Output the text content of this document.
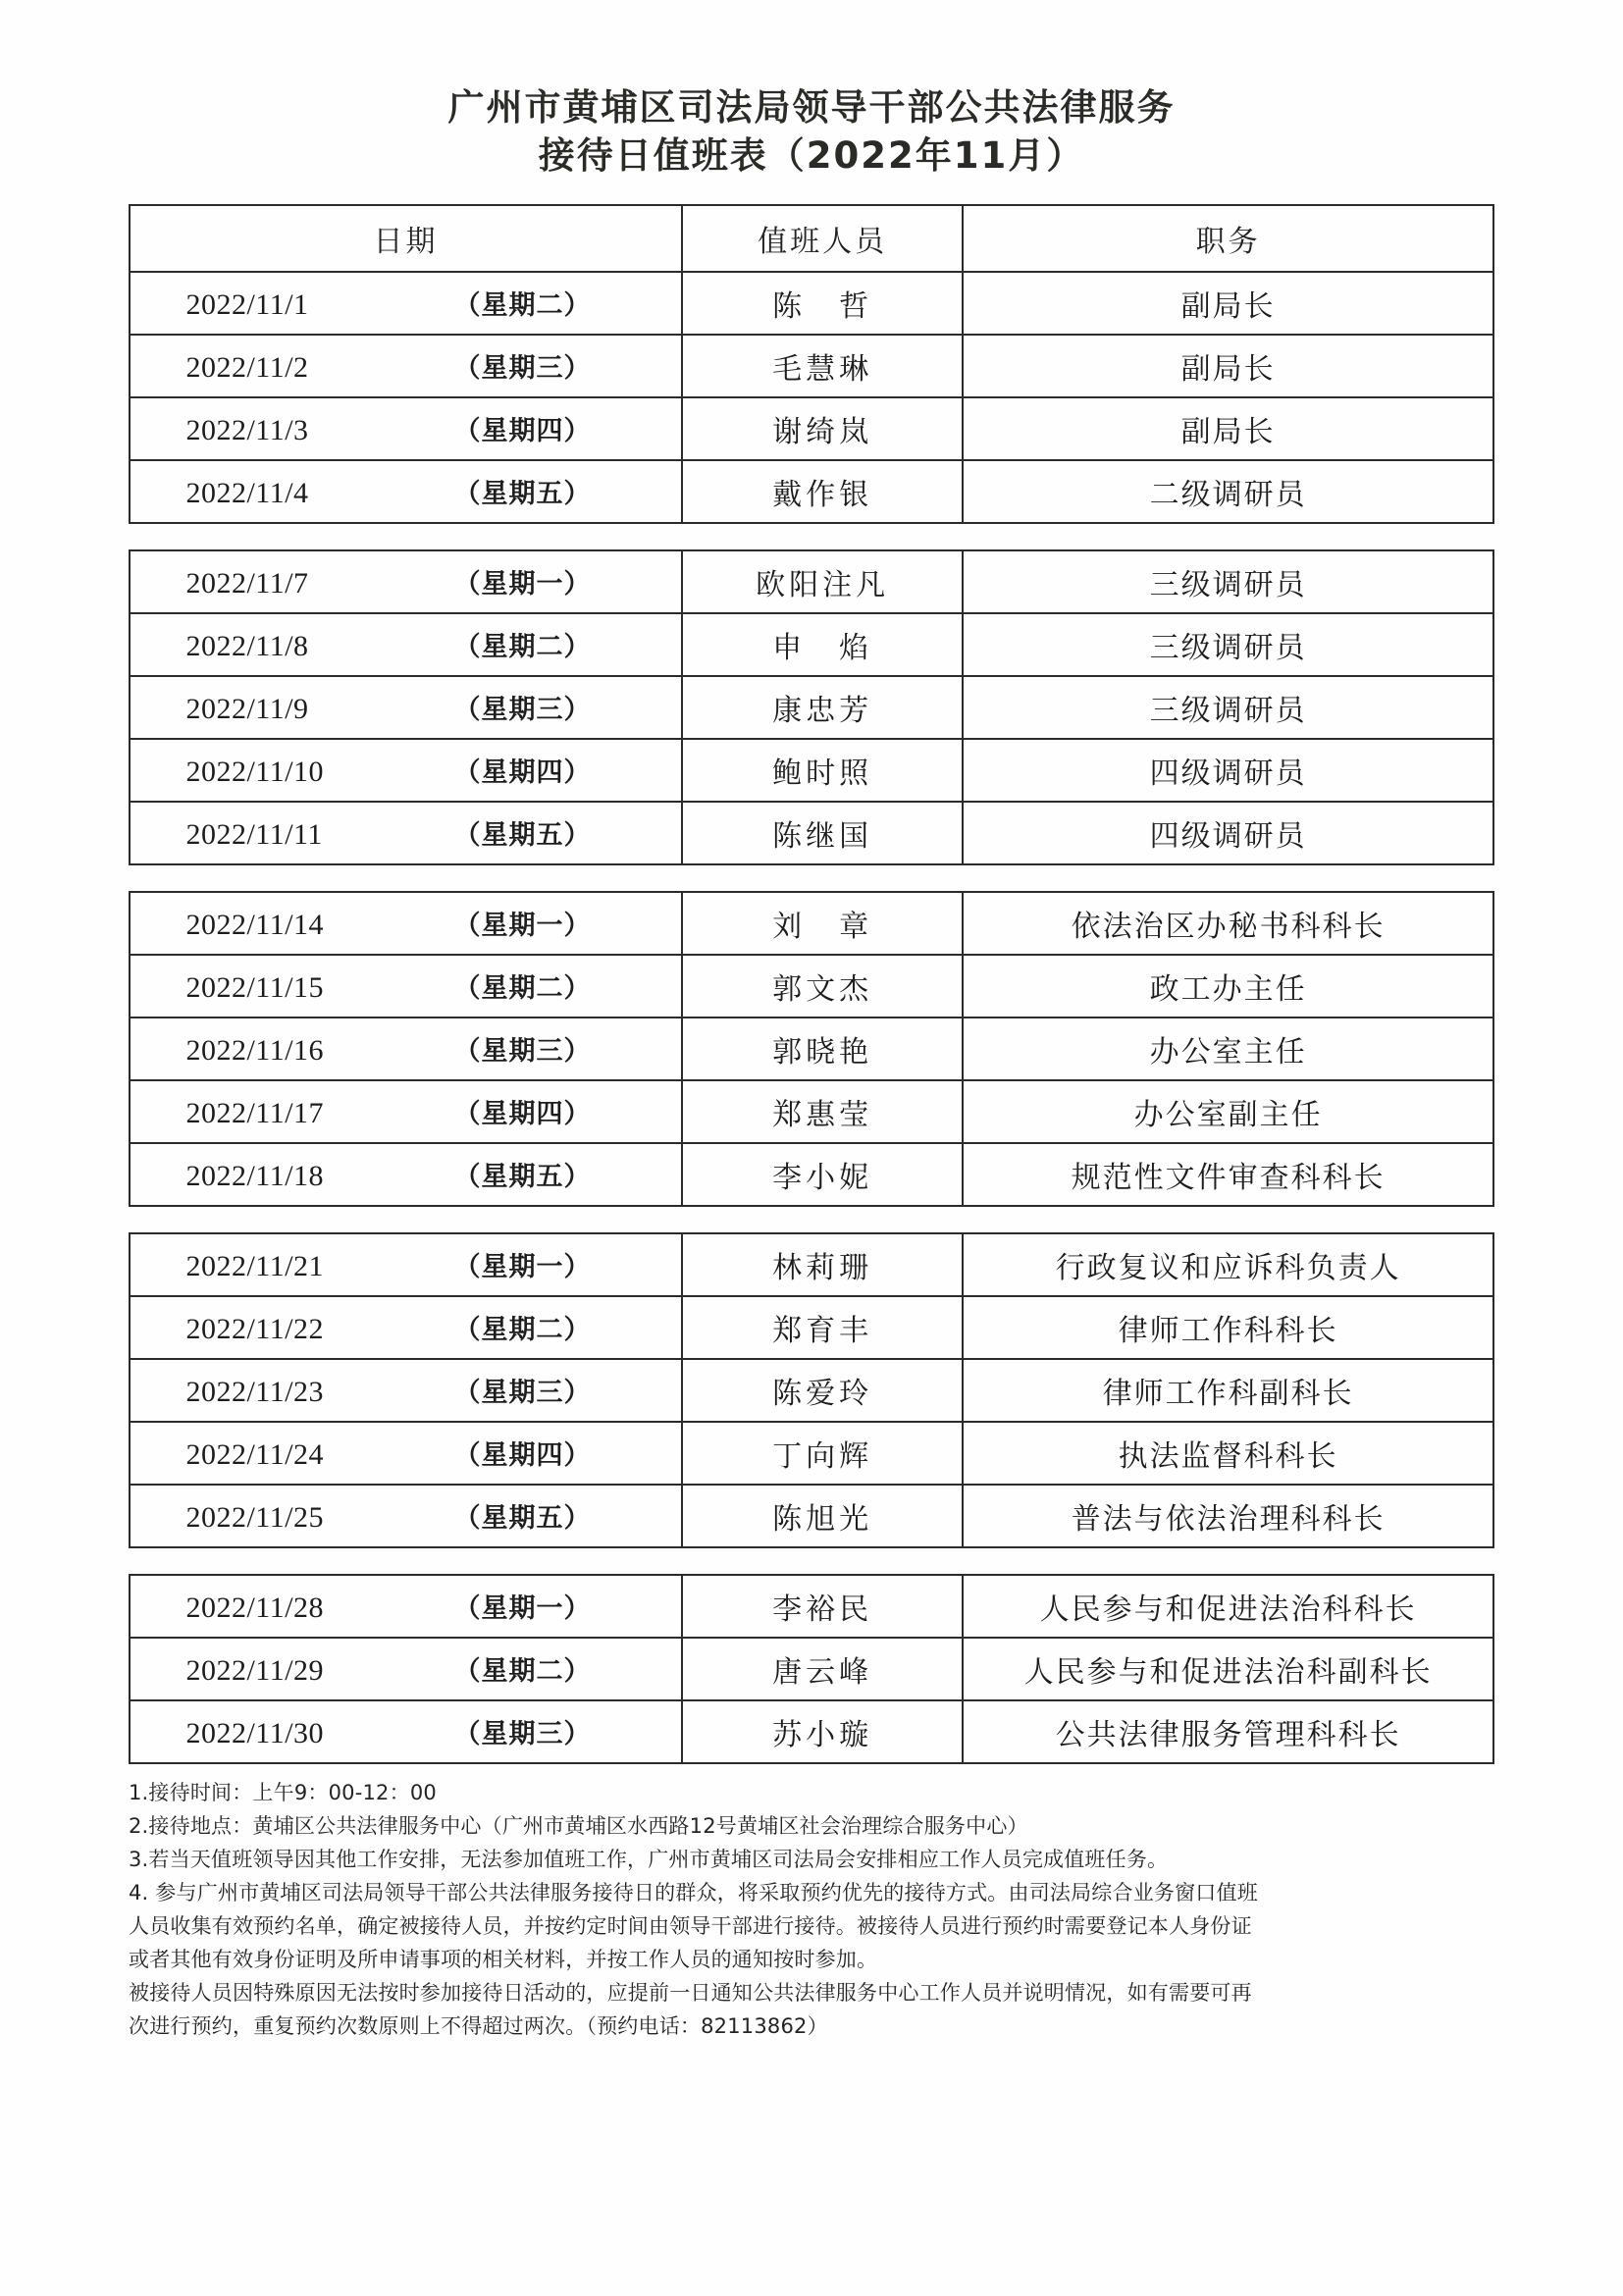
广州市黄埔区司法局领导干部公共法律服务
接待日值班表（2022年11月）
日期	值班人员	职务

2022/11/1 （星期二）	陈　哲	副局长

2022/11/2 （星期三）	毛慧琳	副局长

2022/11/3 （星期四）	谢绮岚	副局长

2022/11/4 （星期五）	戴作银	二级调研员
2022/11/7 （星期一）	欧阳注凡	三级调研员

2022/11/8 （星期二）	申　焰	三级调研员

2022/11/9 （星期三）	康忠芳	三级调研员

2022/11/10 （星期四）	鲍时照	四级调研员

2022/11/11 （星期五）	陈继国	四级调研员
2022/11/14 （星期一）	刘　章	依法治区办秘书科科长

2022/11/15 （星期二）	郭文杰	政工办主任

2022/11/16 （星期三）	郭晓艳	办公室主任

2022/11/17 （星期四）	郑惠莹	办公室副主任

2022/11/18 （星期五）	李小妮	规范性文件审查科科长
2022/11/21 （星期一）	林莉珊	行政复议和应诉科负责人

2022/11/22 （星期二）	郑育丰	律师工作科科长

2022/11/23 （星期三）	陈爱玲	律师工作科副科长

2022/11/24 （星期四）	丁向辉	执法监督科科长

2022/11/25 （星期五）	陈旭光	普法与依法治理科科长
2022/11/28 （星期一）	李裕民	人民参与和促进法治科科长

2022/11/29 （星期二）	唐云峰	人民参与和促进法治科副科长

2022/11/30 （星期三）	苏小璇	公共法律服务管理科科长
1.接待时间：上午9：00-12：00
2.接待地点：黄埔区公共法律服务中心（广州市黄埔区水西路12号黄埔区社会治理综合服务中心）
3.若当天值班领导因其他工作安排，无法参加值班工作，广州市黄埔区司法局会安排相应工作人员完成值班任务。
4. 参与广州市黄埔区司法局领导干部公共法律服务接待日的群众，将采取预约优先的接待方式。由司法局综合业务窗口值班
人员收集有效预约名单，确定被接待人员，并按约定时间由领导干部进行接待。被接待人员进行预约时需要登记本人身份证
或者其他有效身份证明及所申请事项的相关材料，并按工作人员的通知按时参加。
被接待人员因特殊原因无法按时参加接待日活动的，应提前一日通知公共法律服务中心工作人员并说明情况，如有需要可再
次进行预约，重复预约次数原则上不得超过两次。（预约电话：82113862）
